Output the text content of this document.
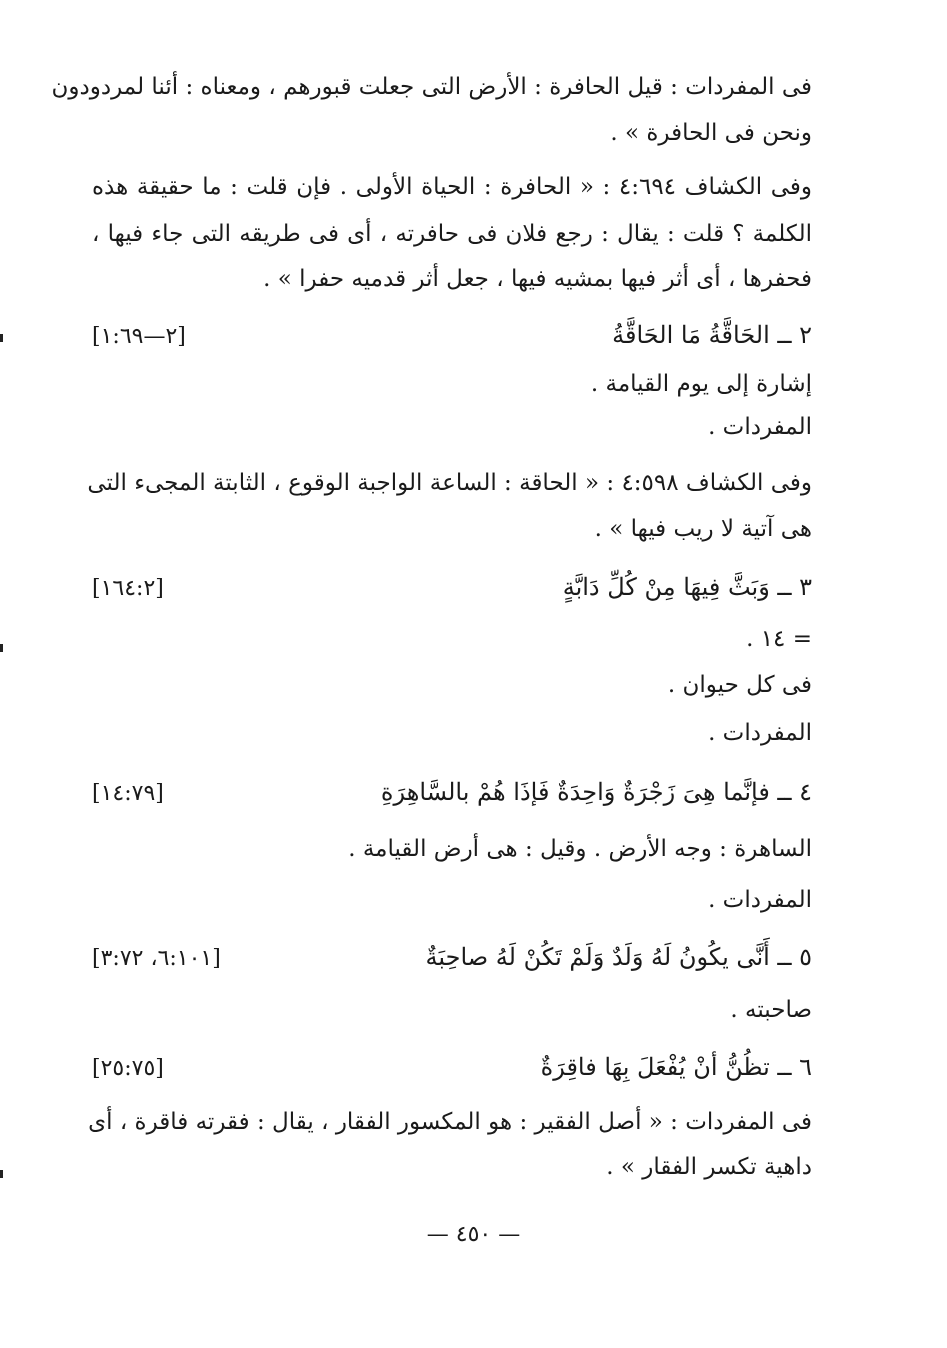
فى المفردات : قيل الحافرة : الأرض التى جعلت قبورهم ، ومعناه : أئنا لمردودون
ونحن فى الحافرة » .
وفى الكشاف ٤:٦٩٤ : « الحافرة : الحياة الأولى . فإن قلت : ما حقيقة هذه
الكلمة ؟ قلت : يقال : رجع فلان فى حافرته ، أى فى طريقه التى جاء فيها ،
فحفرها ، أى أثر فيها بمشيه فيها ، جعل أثر قدميه حفرا » .
٢ ــ الحَاقَّةُ مَا الحَاقَّةُ
[٢—١:٦٩]
إشارة إلى يوم القيامة .
المفردات .
وفى الكشاف ٤:٥٩٨ : « الحاقة : الساعة الواجبة الوقوع ، الثابتة المجىء التى
هى آتية لا ريب فيها » .
٣ ــ وَبَثَّ فِيهَا مِنْ كُلِّ دَابَّةٍ
[١٦٤:٢]
= ١٤ .
فى كل حيوان .
المفردات .
٤ ــ فإنَّما هِىَ زَجْرَةٌ وَاحِدَةٌ فَإذَا هُمْ بالسَّاهِرَةِ
[١٤:٧٩]
الساهرة : وجه الأرض . وقيل : هى أرض القيامة .
المفردات .
٥ ــ أَنَّى يكُونُ لَهُ وَلَدٌ وَلَمْ تَكُنْ لَهُ صاحِبَةٌ
[٦:١٠١، ٣:٧٢]
صاحبته .
٦ ــ تظُنُّ أنْ يُفْعَلَ بِهَا فاقِرَةٌ
[٢٥:٧٥]
فى المفردات : « أصل الفقير : هو المكسور الفقار ، يقال : فقرته فاقرة ، أى
داهية تكسر الفقار » .
— ٤٥٠ —
